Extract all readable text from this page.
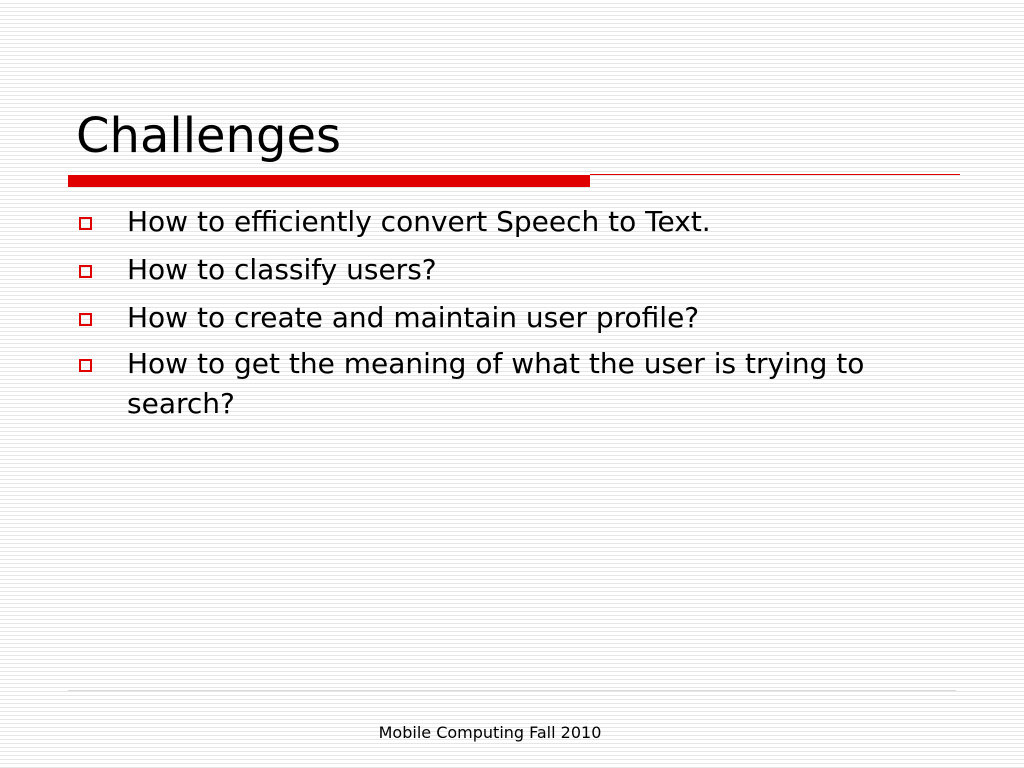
Challenges
How to efficiently convert Speech to Text.
How to classify users?
How to create and maintain user profile?
How to get the meaning of what the user is trying to search?
Mobile Computing Fall 2010
